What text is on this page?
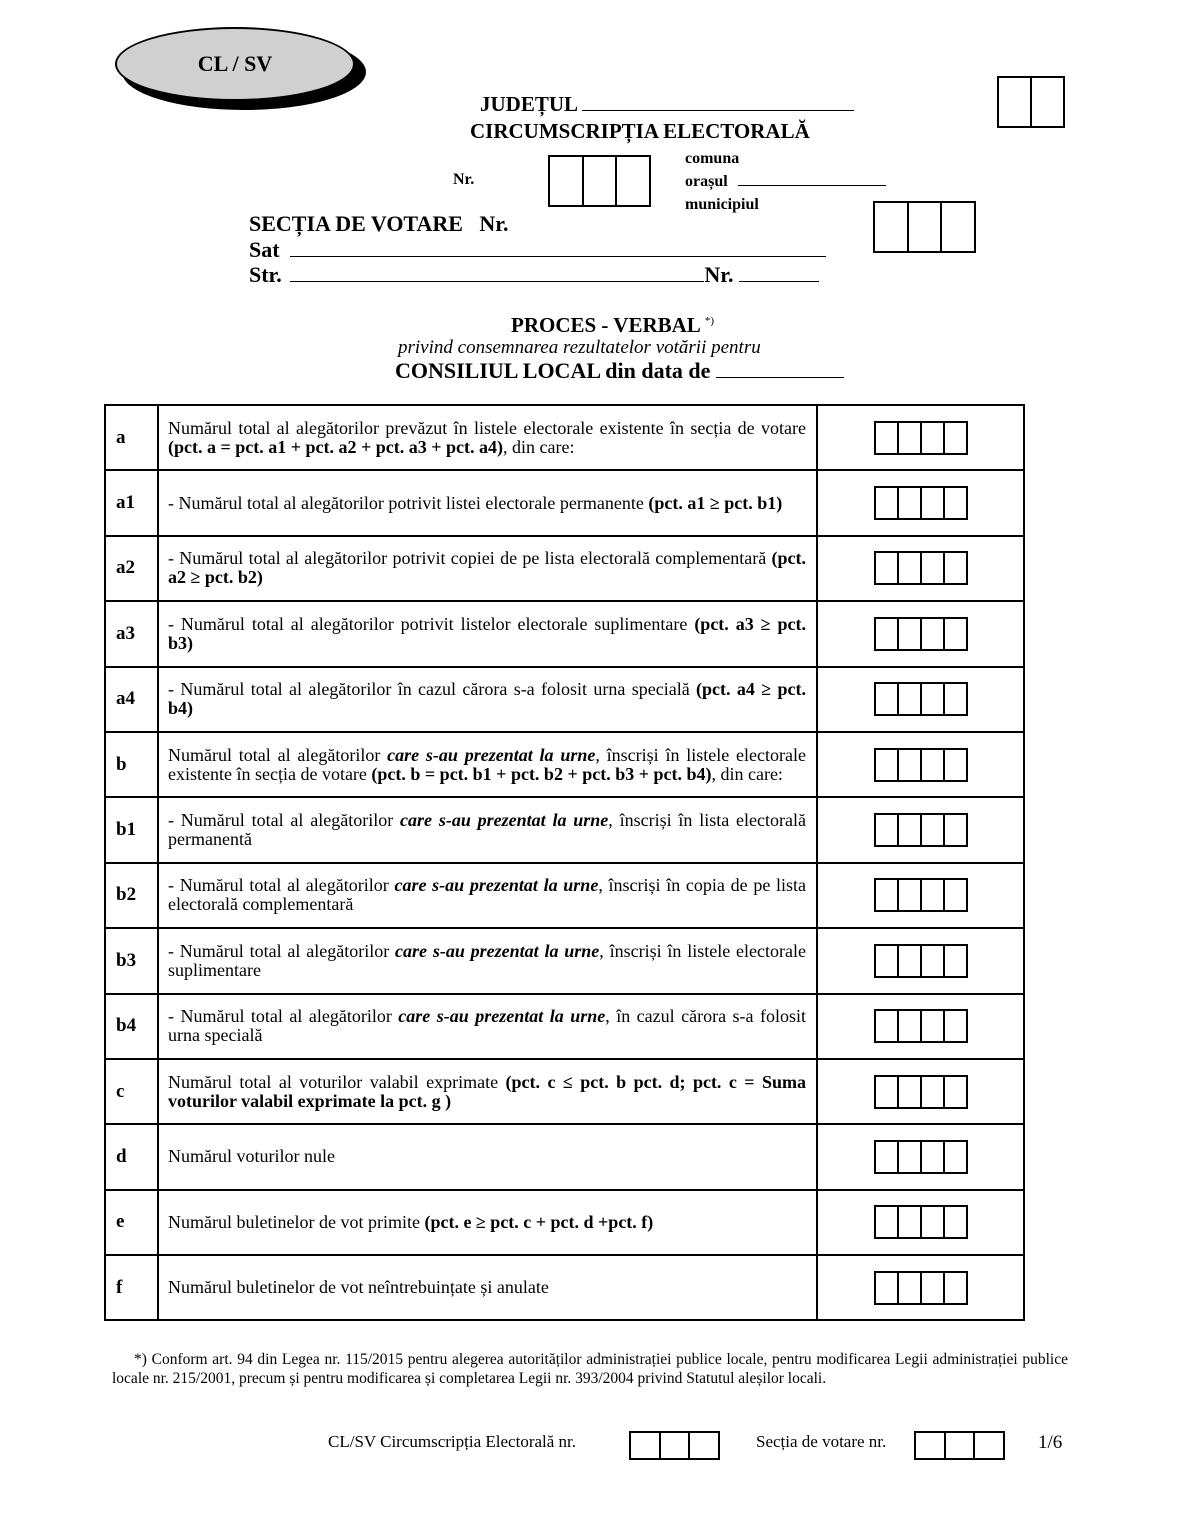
CL / SV
JUDEȚUL
CIRCUMSCRIPȚIA ELECTORALĂ
Nr.
comuna
orașul
municipiul
SECȚIA DE VOTARE   Nr.
Sat
Str.	Nr.
PROCES - VERBAL *)
privind consemnarea rezultatelor votării pentru
CONSILIUL LOCAL din data de
a	Numărul total al alegătorilor prevăzut în listele electorale existente în secția de votare (pct. a = pct. a1 + pct. a2 + pct. a3 + pct. a4), din care:	

a1	- Numărul total al alegătorilor potrivit listei electorale permanente (pct. a1 ≥ pct. b1)	

a2	- Numărul total al alegătorilor potrivit copiei de pe lista electorală complementară (pct. a2 ≥ pct. b2)	

a3	- Numărul total al alegătorilor potrivit listelor electorale suplimentare (pct. a3 ≥ pct. b3)	

a4	- Numărul total al alegătorilor în cazul cărora s-a folosit urna specială (pct. a4 ≥ pct. b4)	

b	Numărul total al alegătorilor care s-au prezentat la urne, înscriși în listele electorale existente în secția de votare (pct. b = pct. b1 + pct. b2 + pct. b3 + pct. b4), din care:	

b1	- Numărul total al alegătorilor care s-au prezentat la urne, înscriși în lista electorală permanentă	

b2	- Numărul total al alegătorilor care s-au prezentat la urne, înscriși în copia de pe lista electorală complementară	

b3	- Numărul total al alegătorilor care s-au prezentat la urne, înscriși în listele electorale suplimentare	

b4	- Numărul total al alegătorilor care s-au prezentat la urne, în cazul cărora s-a folosit urna specială	

c	Numărul total al voturilor valabil exprimate (pct. c ≤ pct. b pct. d; pct. c = Suma voturilor valabil exprimate la pct. g )	

d	Numărul voturilor nule	

e	Numărul buletinelor de vot primite (pct. e ≥ pct. c + pct. d +pct. f)	

f	Numărul buletinelor de vot neîntrebuințate și anulate	
*) Conform art. 94 din Legea nr. 115/2015 pentru alegerea autorităților administrației publice locale, pentru modificarea Legii administrației publice locale nr. 215/2001, precum și pentru modificarea și completarea Legii nr. 393/2004 privind Statutul aleșilor locali.
CL/SV Circumscripția Electorală nr.	Secția de votare nr.	1/6
